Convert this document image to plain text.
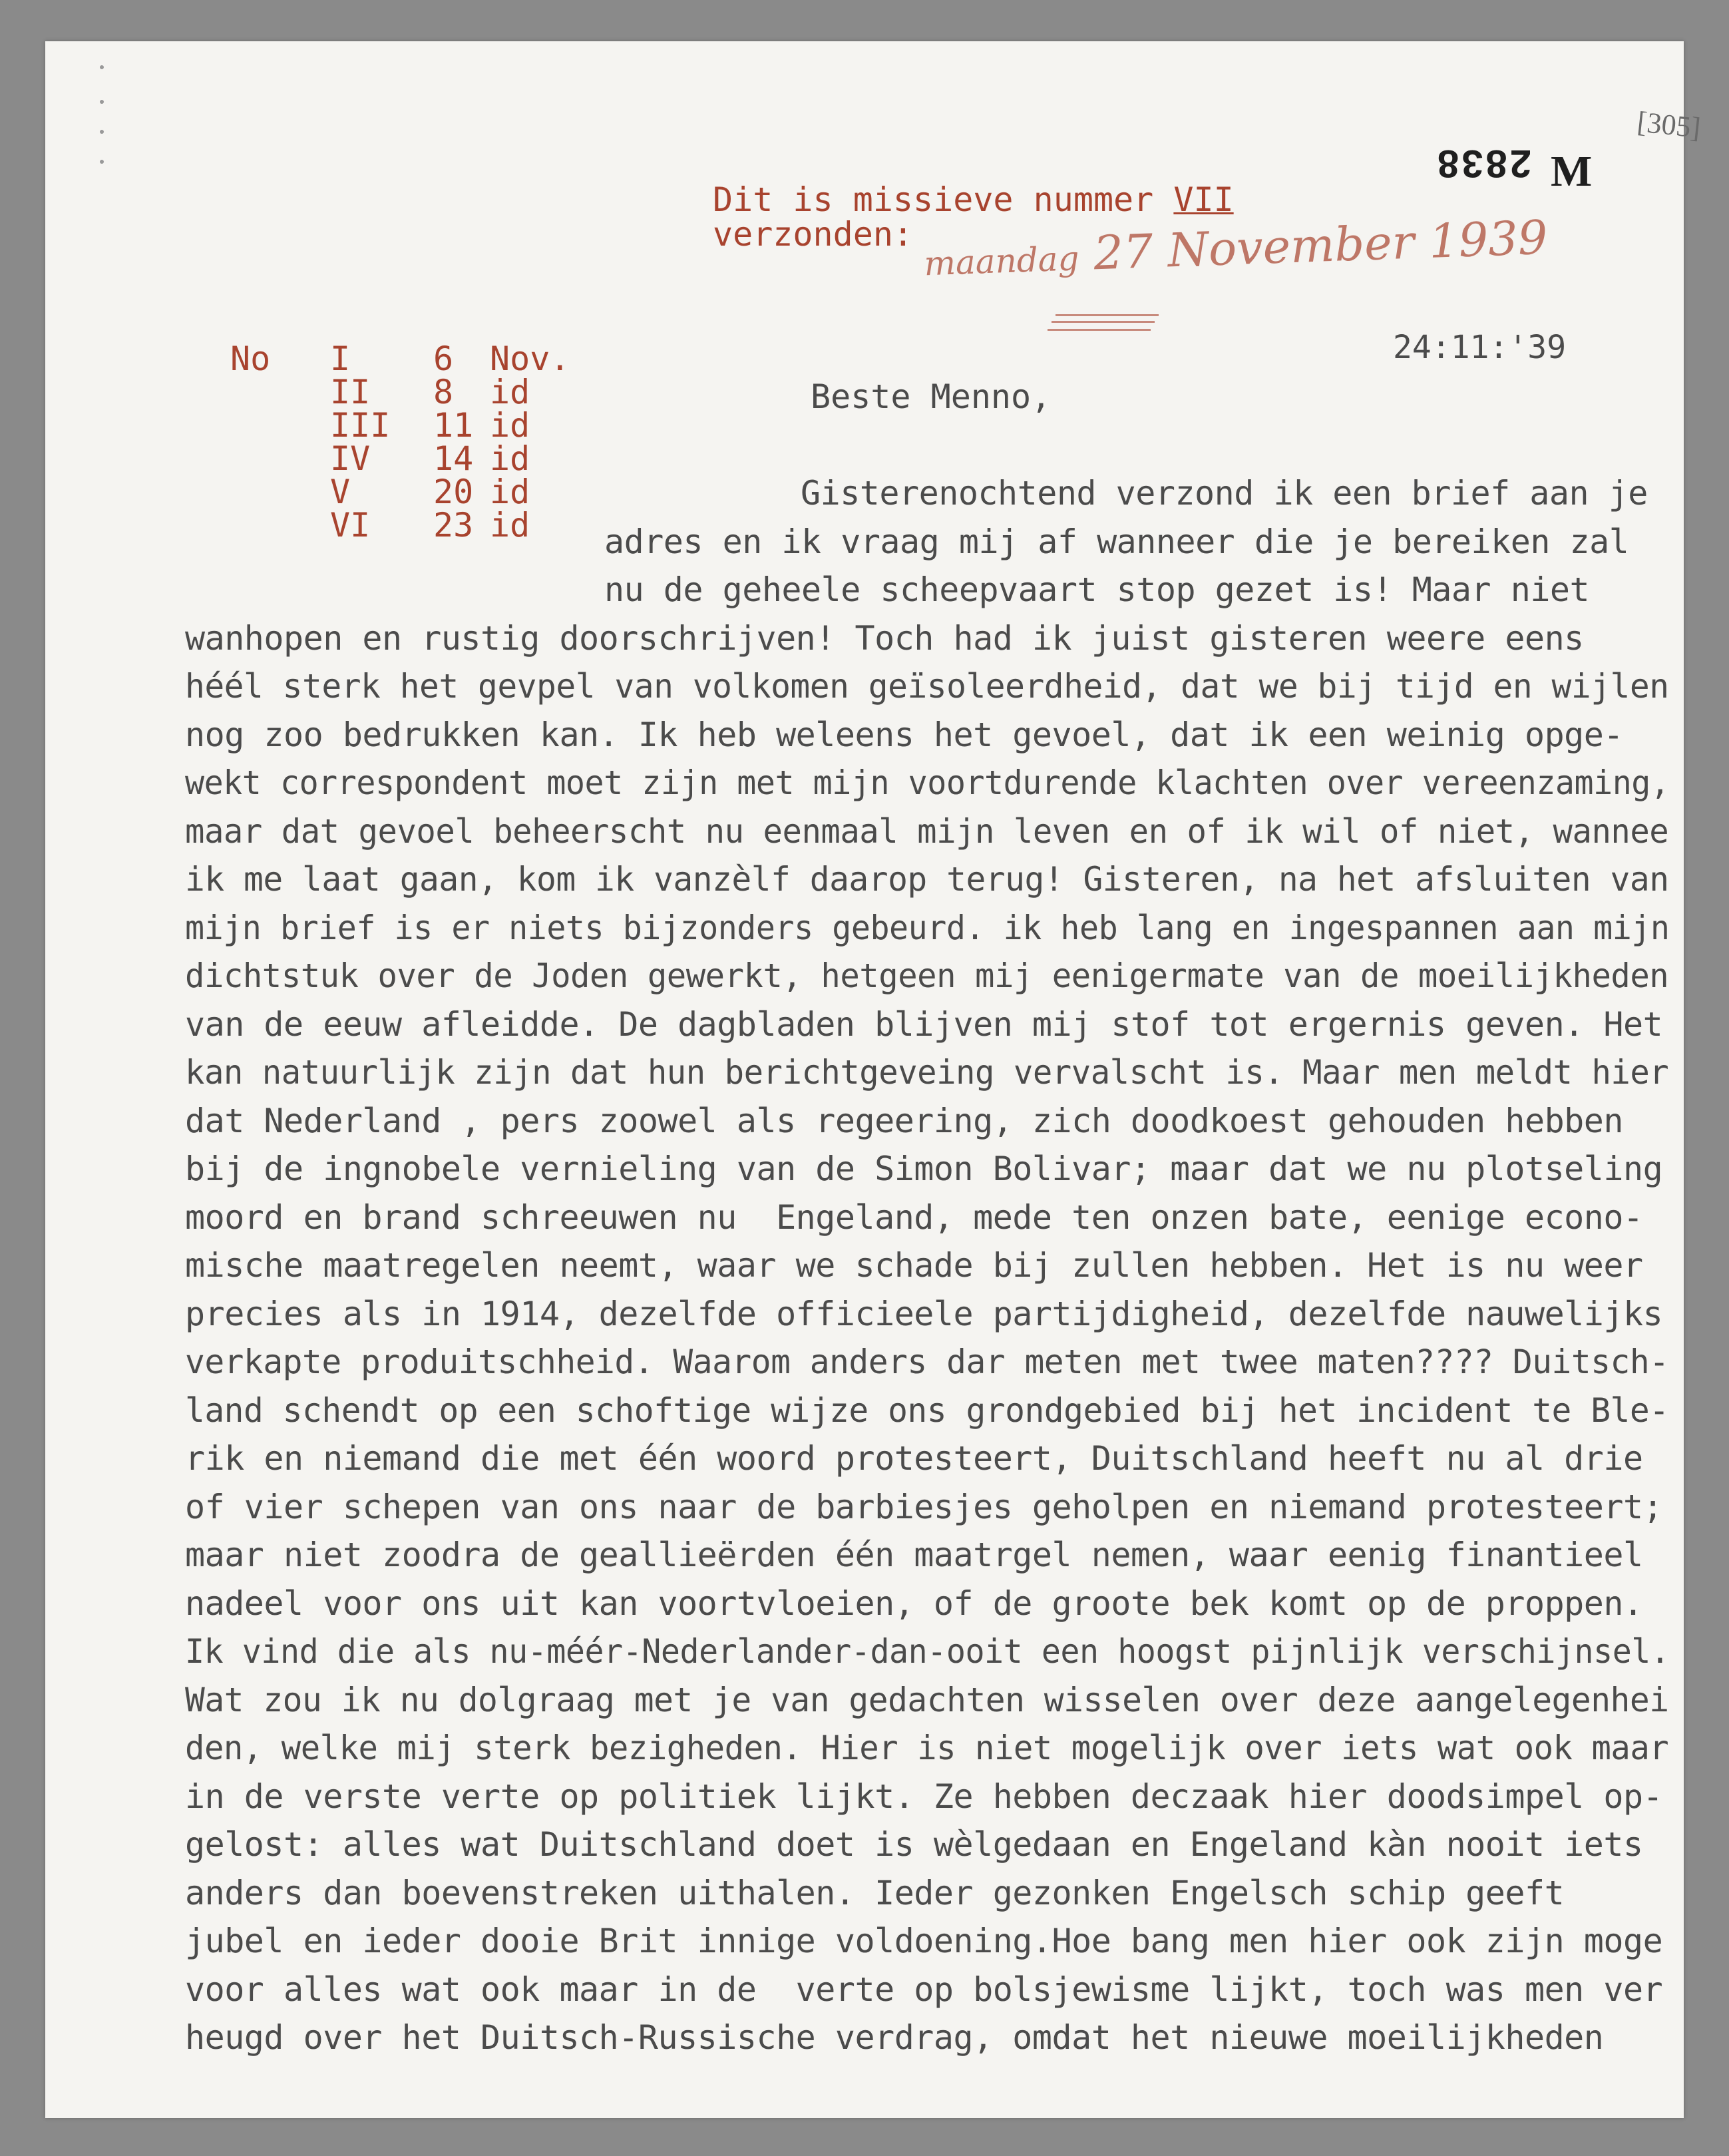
[305]
2838 M
Dit is missieve nummer VII
verzonden:
maandag 27 November 1939
24:11:'39
No I 6 Nov.
II 8 id
III 11 id
IV 14 id
V 20 id
VI 23 id
Beste Menno,
Gisterenochtend verzond ik een brief aan je
adres en ik vraag mij af wanneer die je bereiken zal
nu de geheele scheepvaart stop gezet is! Maar niet
wanhopen en rustig doorschrijven! Toch had ik juist gisteren weere eens
héél sterk het gevpel van volkomen geïsoleerdheid, dat we bij tijd en wijlen
nog zoo bedrukken kan. Ik heb weleens het gevoel, dat ik een weinig opge-
wekt correspondent moet zijn met mijn voortdurende klachten over vereenzaming,
maar dat gevoel beheerscht nu eenmaal mijn leven en of ik wil of niet, wannee
ik me laat gaan, kom ik vanzèlf daarop terug! Gisteren, na het afsluiten van
mijn brief is er niets bijzonders gebeurd. ik heb lang en ingespannen aan mijn
dichtstuk over de Joden gewerkt, hetgeen mij eenigermate van de moeilijkheden
van de eeuw afleidde. De dagbladen blijven mij stof tot ergernis geven. Het
kan natuurlijk zijn dat hun berichtgeveing vervalscht is. Maar men meldt hier
dat Nederland , pers zoowel als regeering, zich doodkoest gehouden hebben
bij de ingnobele vernieling van de Simon Bolivar; maar dat we nu plotseling
moord en brand schreeuwen nu  Engeland, mede ten onzen bate, eenige econo-
mische maatregelen neemt, waar we schade bij zullen hebben. Het is nu weer
precies als in 1914, dezelfde officieele partijdigheid, dezelfde nauwelijks
verkapte produitschheid. Waarom anders dar meten met twee maten???? Duitsch-
land schendt op een schoftige wijze ons grondgebied bij het incident te Ble-
rik en niemand die met één woord protesteert, Duitschland heeft nu al drie
of vier schepen van ons naar de barbiesjes geholpen en niemand protesteert;
maar niet zoodra de geallieërden één maatrgel nemen, waar eenig finantieel
nadeel voor ons uit kan voortvloeien, of de groote bek komt op de proppen.
Ik vind die als nu-méér-Nederlander-dan-ooit een hoogst pijnlijk verschijnsel.
Wat zou ik nu dolgraag met je van gedachten wisselen over deze aangelegenhei
den, welke mij sterk bezigheden. Hier is niet mogelijk over iets wat ook maar
in de verste verte op politiek lijkt. Ze hebben deczaak hier doodsimpel op-
gelost: alles wat Duitschland doet is wèlgedaan en Engeland kàn nooit iets
anders dan boevenstreken uithalen. Ieder gezonken Engelsch schip geeft
jubel en ieder dooie Brit innige voldoening.Hoe bang men hier ook zijn moge
voor alles wat ook maar in de  verte op bolsjewisme lijkt, toch was men ver
heugd over het Duitsch-Russische verdrag, omdat het nieuwe moeilijkheden
